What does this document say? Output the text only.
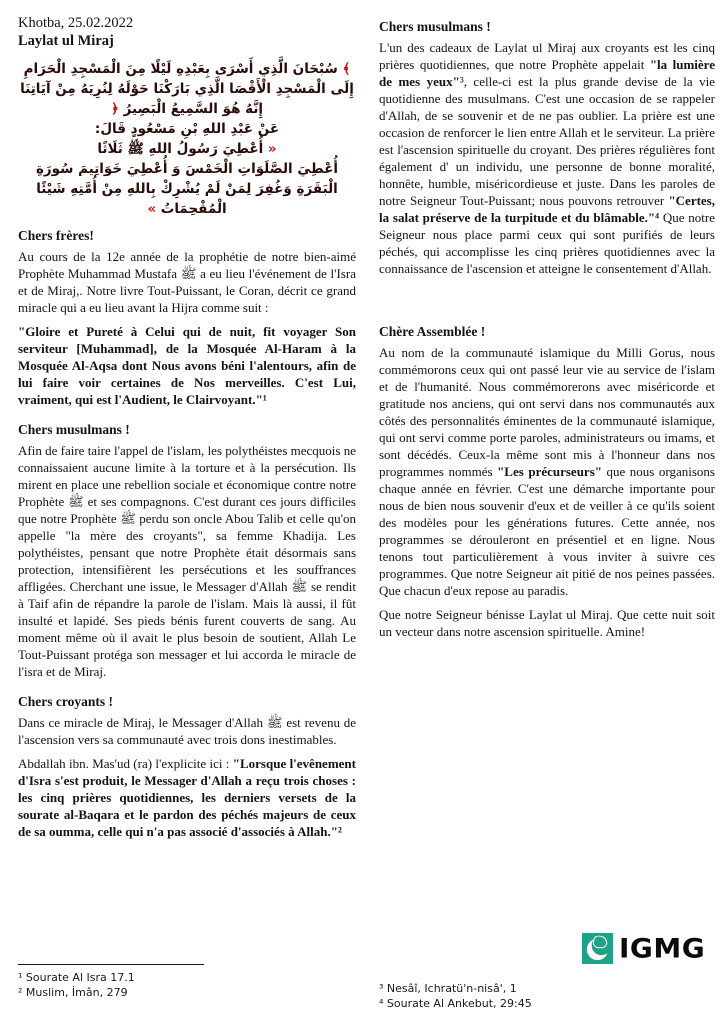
Khotba, 25.02.2022
Laylat ul Miraj

﴾ سُبْحَانَ الَّذِي أَسْرَى بِعَبْدِهِ لَيْلًا مِنَ الْمَسْجِدِ الْحَرَامِ إِلَى الْمَسْجِدِ الْأَقْصَا الَّذِي بَارَكْنَا حَوْلَهُ لِنُرِيَهُ مِنْ آيَاتِنَا إِنَّهُ هُوَ السَّمِيعُ الْبَصِيرُ ﴿

عَنْ عَبْدِ اللهِ بْنِ مَسْعُودٍ قَالَ:

« أُعْطِيَ رَسُولُ اللهِ ﷺ ثَلَاثًا

أُعْطِيَ الصَّلَوَاتِ الْخَمْسَ وَ أُعْطِيَ خَوَاتِيمَ سُورَةِ الْبَقَرَةِ وَغُفِرَ لِمَنْ لَمْ يُشْرِكْ بِاللهِ مِنْ أُمَّتِهِ شَيْئًا الْمُقْحِمَاتُ »

Chers frères!

Au cours de la 12e année de la prophétie de notre bien-aimé Prophète Muhammad Mustafa ﷺ a eu lieu l'événement de l'Isra et de Miraj,. Notre livre Tout-Puissant, le Coran, décrit ce grand miracle qui a eu lieu avant la Hijra comme suit :

"Gloire et Pureté à Celui qui de nuit, fit voyager Son serviteur [Muhammad], de la Mosquée Al-Haram à la Mosquée Al-Aqsa dont Nous avons béni l'alentours, afin de lui faire voir certaines de Nos merveilles. C'est Lui, vraiment, qui est l'Audient, le Clairvoyant."¹

Chers musulmans !

Afin de faire taire l'appel de l'islam, les polythéistes mecquois ne connaissaient aucune limite à la torture et à la persécution. Ils mirent en place une rebellion sociale et économique contre notre Prophète ﷺ et ses compagnons. C'est durant ces jours difficiles que notre Prophète ﷺ perdu son oncle Abou Talib et celle qu'on appelle "la mère des croyants", sa femme Khadija. Les polythéistes, pensant que notre Prophète était désormais sans protection, intensifièrent les persécutions et les souffrances affligées. Cherchant une issue, le Messager d'Allah ﷺ se rendit à Taif afin de répandre la parole de l'islam. Mais là aussi, il fût insulté et lapidé. Ses pieds bénis furent couverts de sang. Au moment même où il avait le plus besoin de soutient, Allah Le Tout-Puissant protéga son messager et lui accorda le miracle de l'isra et de Miraj.

Chers croyants !

Dans ce miracle de Miraj, le Messager d'Allah ﷺ est revenu de l'ascension vers sa communauté avec trois dons inestimables.

Abdallah ibn. Mas'ud (ra) l'explicite ici : "Lorsque l'evênement d'Isra s'est produit, le Messager d'Allah a reçu trois choses : les cinq prières quotidiennes, les derniers versets de la sourate al-Baqara et le pardon des péchés majeurs de ceux de sa oumma, celle qui n'a pas associé d'associés à Allah."²

Chers musulmans !

L'un des cadeaux de Laylat ul Miraj aux croyants est les cinq prières quotidiennes, que notre Prophète appelait "la lumière de mes yeux"³, celle-ci est la plus grande devise de la vie quotidienne des musulmans. C'est une occasion de se rappeler d'Allah, de se souvenir et de ne pas oublier. La prière est une occasion de renforcer le lien entre Allah et le serviteur. La prière est l'ascension spirituelle du croyant. Des prières régulières font également d' un individu, une personne de bonne moralité, honnête, humble, miséricordieuse et juste. Dans les paroles de notre Seigneur Tout-Puissant; nous pouvons retrouver "Certes, la salat préserve de la turpitude et du blâmable."⁴ Que notre Seigneur nous place parmi ceux qui sont purifiés de leurs péchés, qui accomplisse les cinq prières quotidiennes avec la connaissance de l'ascension et atteigne le consentement d'Allah.

Chère Assemblée !

Au nom de la communauté islamique du Milli Gorus, nous commémorons ceux qui ont passé leur vie au service de l'islam et de l'humanité. Nous commémorerons avec miséricorde et gratitude nos anciens, qui ont servi dans nos communautés aux côtés des personnalités éminentes de la communauté islamique, qui ont servi comme porte paroles, administrateurs ou imams, et sont décédés. Ceux-la même sont mis à l'honneur dans nos programmes nommés "Les précurseurs" que nous organisons chaque année en février. C'est une démarche importante pour nous de bien nous souvenir d'eux et de veiller à ce qu'ils soient des modèles pour les générations futures. Cette année, nos programmes se dérouleront en présentiel et en ligne. Nous tenons tout particulièrement à vous inviter à suivre ces programmes. Que notre Seigneur ait pitié de nos peines passées. Que chacun d'eux repose au paradis.

Que notre Seigneur bénisse Laylat ul Miraj. Que cette nuit soit un vecteur dans notre ascension spirituelle. Amine!

¹ Sourate Al Isra 17.1

² Muslim, İmân, 279	³ Nesâî, Ichratü'n-nisâ', 1

⁴ Sourate Al Ankebut, 29:45

IGMG
